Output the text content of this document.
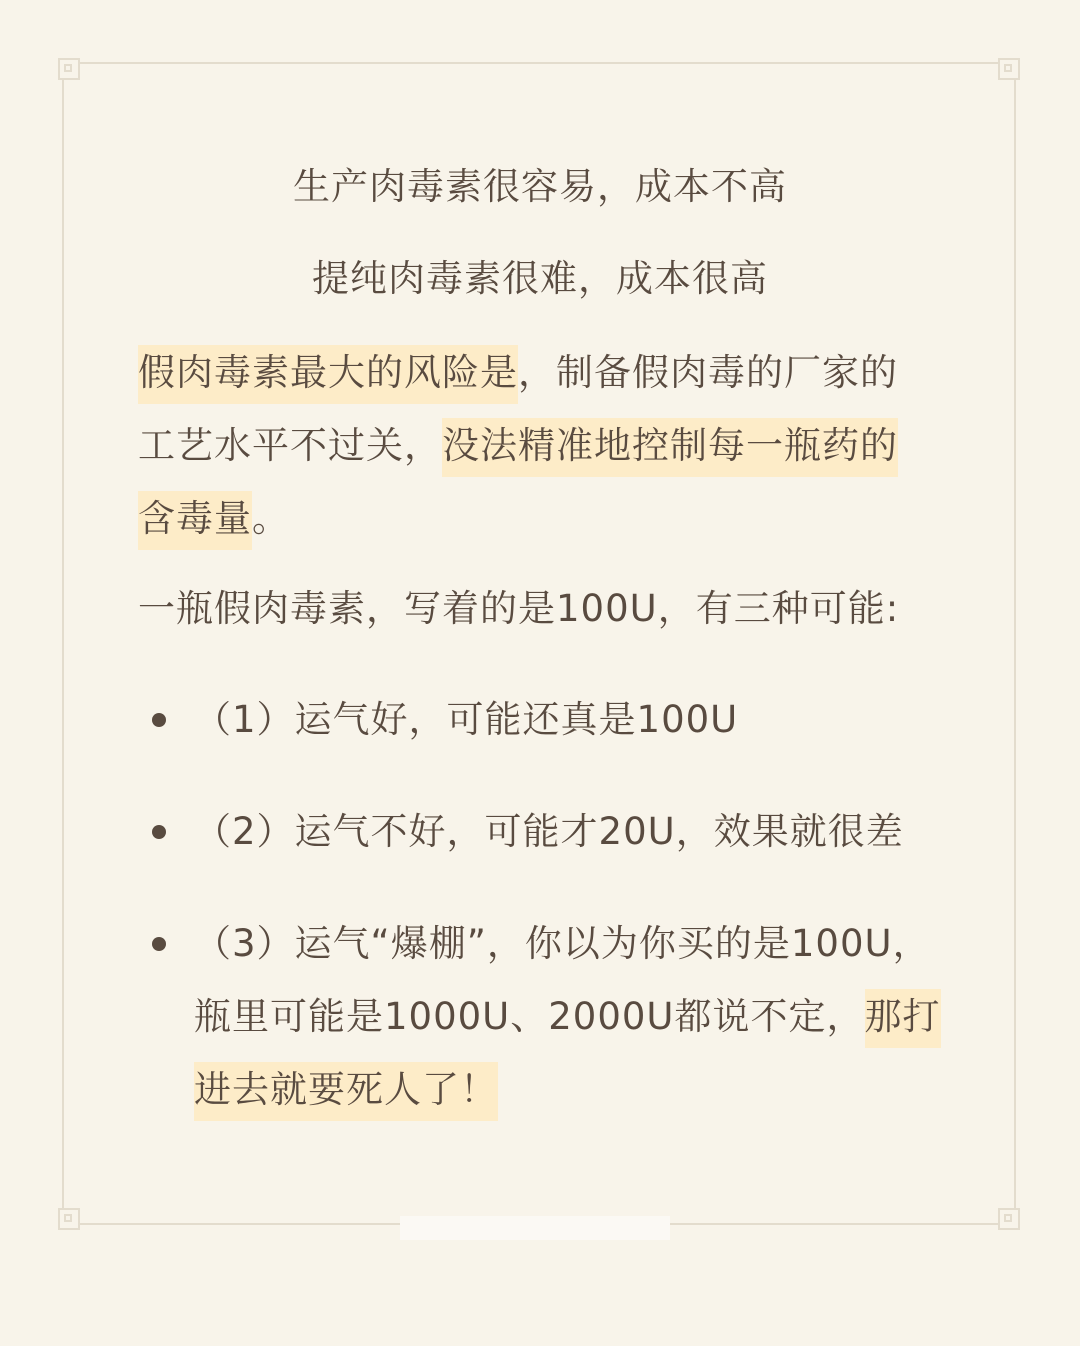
生产肉毒素很容易，成本不高
提纯肉毒素很难，成本很高
假肉毒素最大的风险是，制备假肉毒的厂家的工艺水平不过关，没法精准地控制每一瓶药的含毒量。
一瓶假肉毒素，写着的是100U，有三种可能:
（1）运气好，可能还真是100U
（2）运气不好，可能才20U，效果就很差
（3）运气“爆棚”，你以为你买的是100U，瓶里可能是1000U、2000U都说不定，那打进去就要死人了！
